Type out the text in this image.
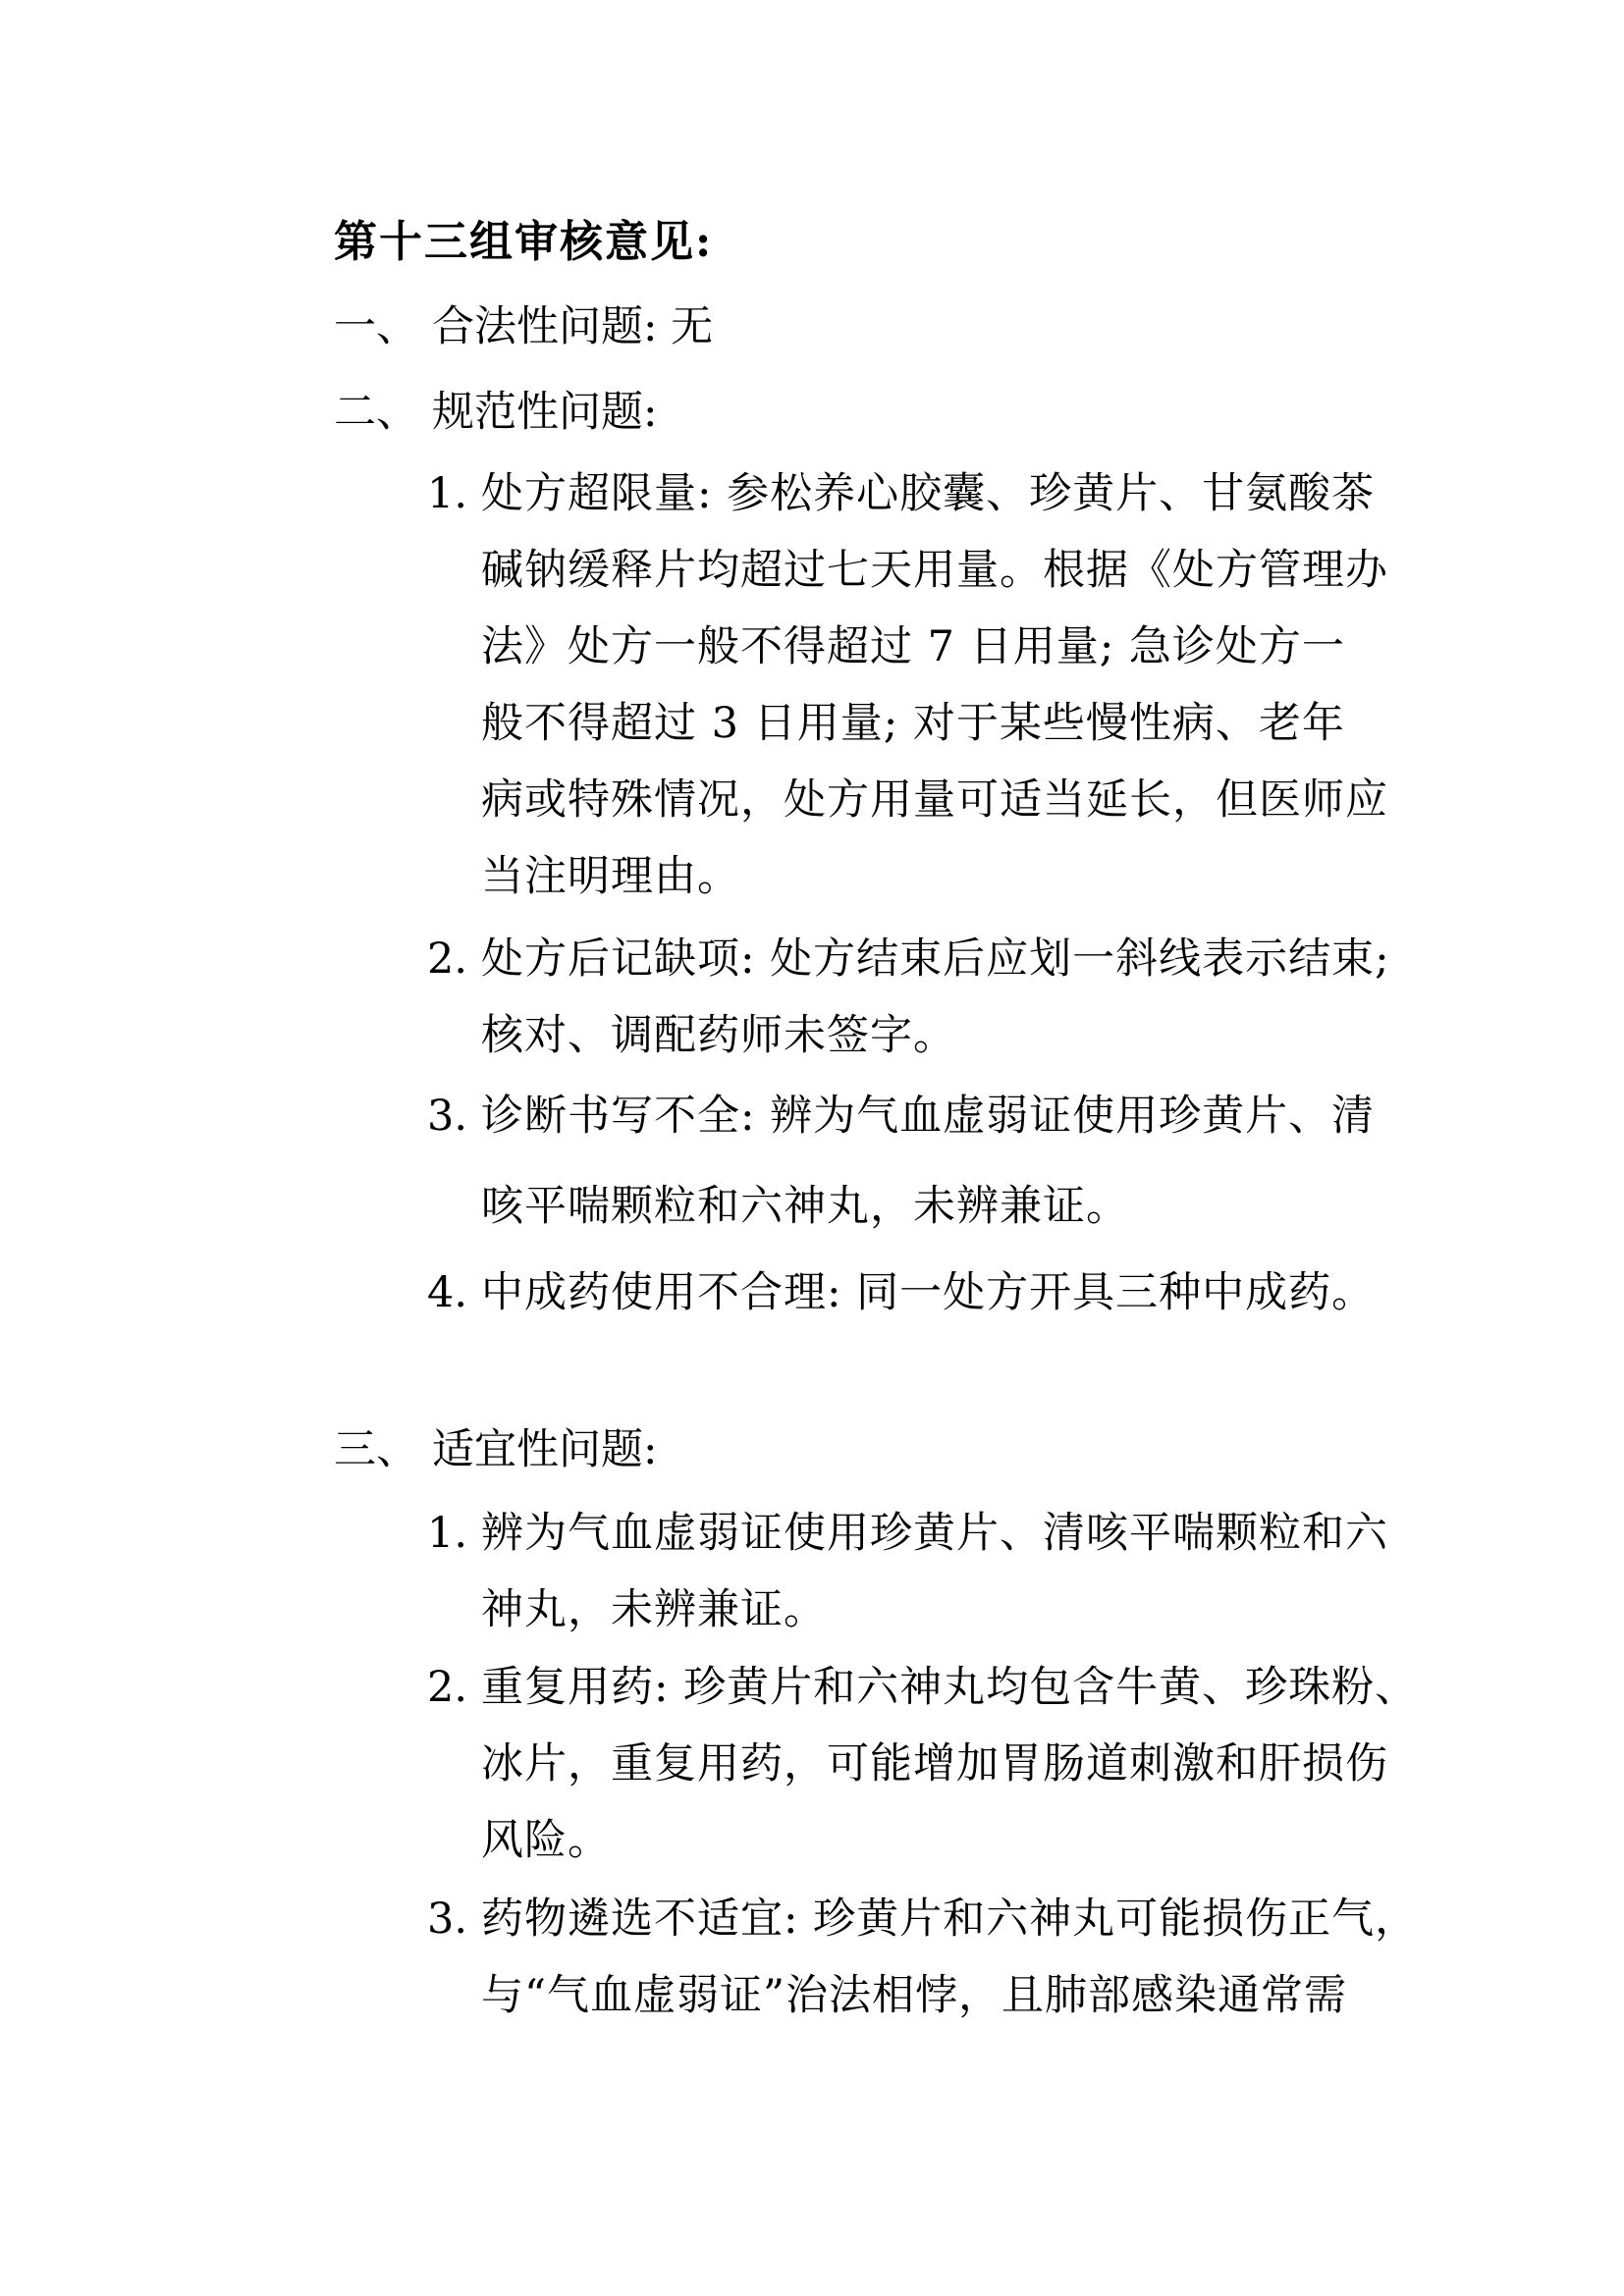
第十三组审核意见:
一、 合法性问题: 无
二、 规范性问题:
1. 处方超限量: 参松养心胶囊、珍黄片、甘氨酸茶
碱钠缓释片均超过七天用量。根据《处方管理办
法》处方一般不得超过 7 日用量; 急诊处方一
般不得超过 3 日用量; 对于某些慢性病、老年
病或特殊情况，处方用量可适当延长，但医师应
当注明理由。
2. 处方后记缺项: 处方结束后应划一斜线表示结束;
核对、调配药师未签字。
3. 诊断书写不全: 辨为气血虚弱证使用珍黄片、清
咳平喘颗粒和六神丸，未辨兼证。
4. 中成药使用不合理: 同一处方开具三种中成药。
三、 适宜性问题:
1. 辨为气血虚弱证使用珍黄片、清咳平喘颗粒和六
神丸，未辨兼证。
2. 重复用药: 珍黄片和六神丸均包含牛黄、珍珠粉、
冰片，重复用药，可能增加胃肠道刺激和肝损伤
风险。
3. 药物遴选不适宜: 珍黄片和六神丸可能损伤正气，
与“气血虚弱证”治法相悖，且肺部感染通常需
